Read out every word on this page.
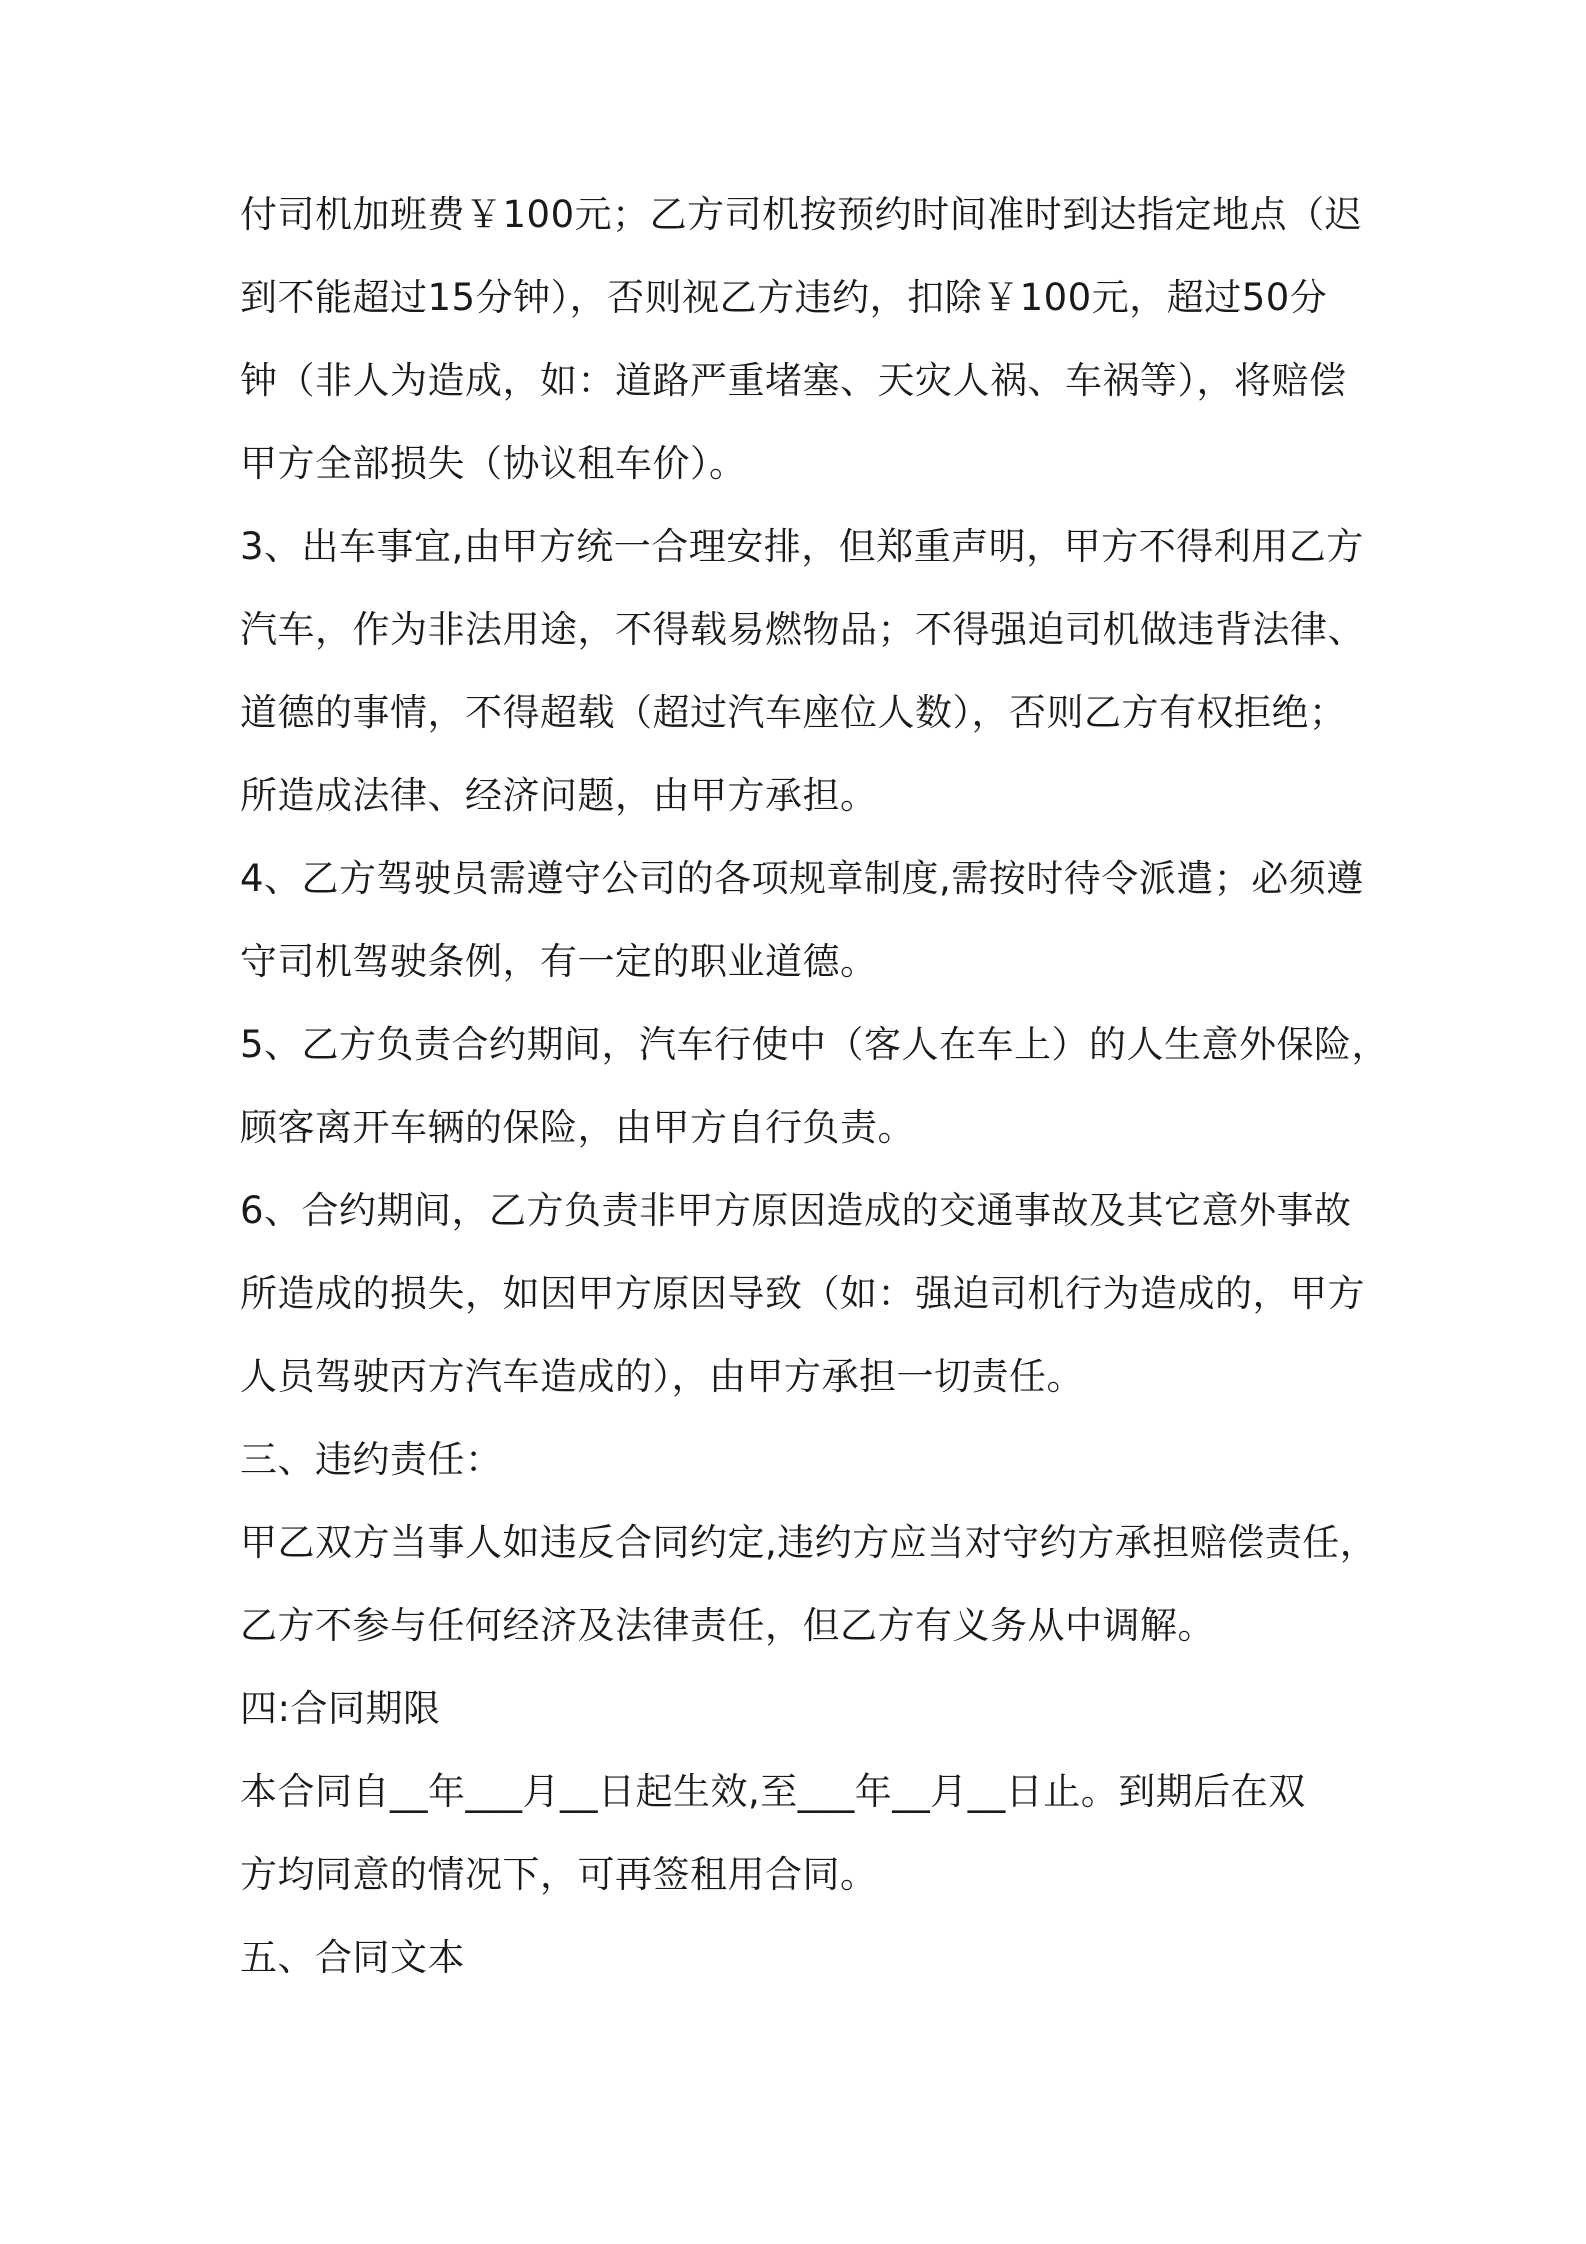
付司机加班费￥100元；乙方司机按预约时间准时到达指定地点（迟
到不能超过15分钟），否则视乙方违约，扣除￥100元，超过50分
钟（非人为造成，如：道路严重堵塞、天灾人祸、车祸等），将赔偿
甲方全部损失（协议租车价）。
3、出车事宜,由甲方统一合理安排，但郑重声明，甲方不得利用乙方
汽车，作为非法用途，不得载易燃物品；不得强迫司机做违背法律、
道德的事情，不得超载（超过汽车座位人数），否则乙方有权拒绝；
所造成法律、经济问题，由甲方承担。
4、乙方驾驶员需遵守公司的各项规章制度,需按时待令派遣；必须遵
守司机驾驶条例，有一定的职业道德。
5、乙方负责合约期间，汽车行使中（客人在车上）的人生意外保险，
顾客离开车辆的保险，由甲方自行负责。
6、合约期间，乙方负责非甲方原因造成的交通事故及其它意外事故
所造成的损失，如因甲方原因导致（如：强迫司机行为造成的，甲方
人员驾驶丙方汽车造成的），由甲方承担一切责任。
三、违约责任：
甲乙双方当事人如违反合同约定,违约方应当对守约方承担赔偿责任，
乙方不参与任何经济及法律责任，但乙方有义务从中调解。
四:合同期限
本合同自__年___月__日起生效,至___年__月__日止。到期后在双
方均同意的情况下，可再签租用合同。
五、合同文本
